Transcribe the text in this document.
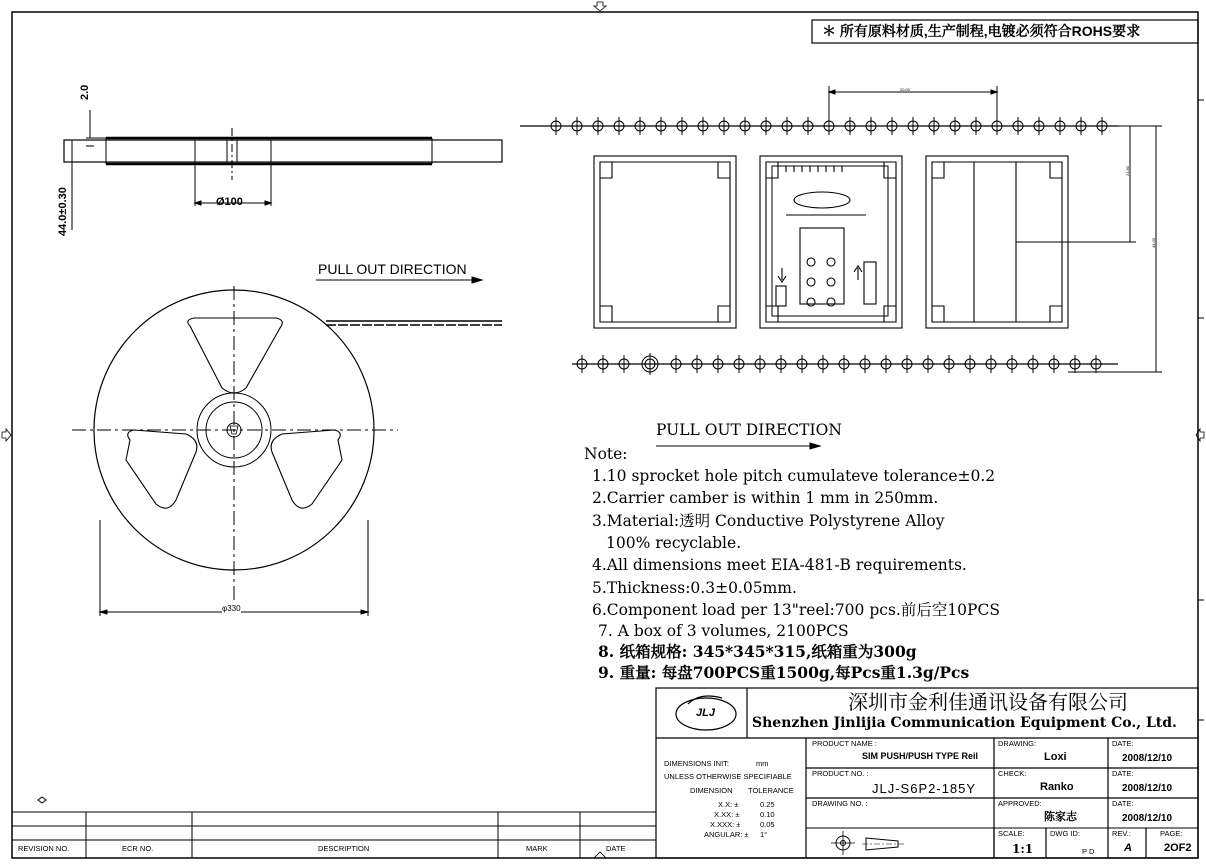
＊ 所有原料材质,生产制程,电镀必须符合ROHS要求
2.0
44.0±0.30	Ø100
PULL OUT DIRECTION
φ330
20.00
21.80
44.00
PULL OUT DIRECTION
Note:
1.10 sprocket hole pitch cumulateve tolerance±0.2
2.Carrier camber is within 1 mm in 250mm.
3.Material:透明 Conductive Polystyrene Alloy
100% recyclable.
4.All dimensions meet EIA-481-B requirements.
5.Thickness:0.3±0.05mm.
6.Component load per 13"reel:700 pcs.前后空10PCS
7. A box of 3 volumes, 2100PCS
8. 纸箱规格: 345*345*315,纸箱重为300g
9. 重量: 每盘700PCS重1500g,每Pcs重1.3g/Pcs
JLJ	深圳市金利佳通讯设备有限公司
Shenzhen Jinlijia Communication Equipment Co., Ltd.
DIMENSIONS INIT:	mm
UNLESS OTHERWISE SPECIFIABLE
DIMENSION TOLERANCE
X.X: ±	0.25
X.XX: ±	0.10
X.XXX: ±	0.05
ANGULAR: ± 1°
PRODUCT NAME :
SIM PUSH/PUSH TYPE Reil
PRODUCT NO. :
JLJ-S6P2-185Y
DRAWING NO. :
DRAWING:
Loxi
CHECK:
Ranko
APPROVED:
陈家志
DATE:
2008/12/10
DATE:
2008/12/10
DATE:
2008/12/10
SCALE:
1:1
DWG ID:
P D
REV.:
A
PAGE:
2OF2
REVISION NO.	ECR NO.	DESCRIPTION	MARK	DATE
